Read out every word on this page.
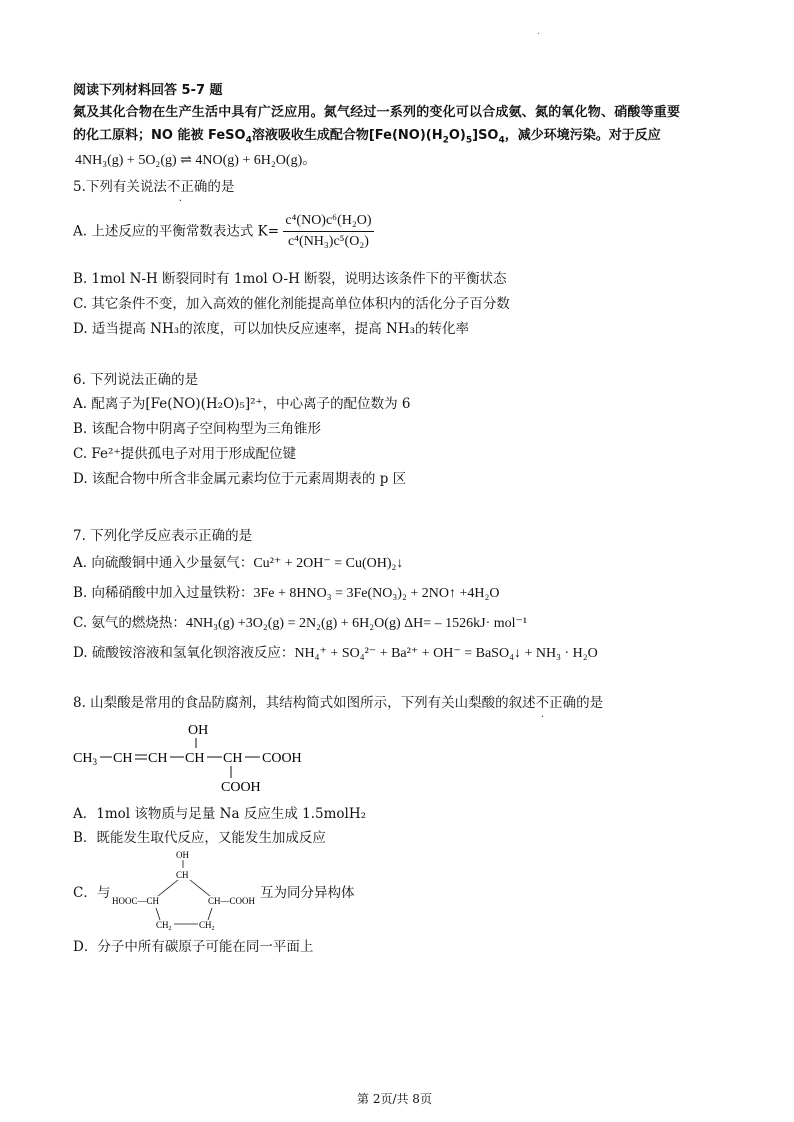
.
阅读下列材料回答 5-7 题
氮及其化合物在生产生活中具有广泛应用。氮气经过一系列的变化可以合成氨、氮的氧化物、硝酸等重要
的化工原料；NO 能被 FeSO$_4$溶液吸收生成配合物$[Fe(NO)(H_2O)_5]SO_4$，减少环境污染。对于反应
4NH₃(g) + 5O₂(g) ⇌ 4NO(g) + 6H₂O(g)。
5.下列有关说法不正确的是
A. 上述反应的平衡常数表达式 $K= \frac{\text{c⁴(NO)c⁶(H₂O)}}{\text{c⁴(NH₃)c⁵(O₂)}}$
B. 1mol N-H 断裂同时有 1mol O-H 断裂，说明达该条件下的平衡状态
C. 其它条件不变，加入高效的催化剂能提高单位体积内的活化分子百分数
D. 适当提高 NH₃的浓度，可以加快反应速率，提高 NH₃的转化率
6. 下列说法正确的是
A. 配离子为[Fe(NO)(H₂O)₅]²⁺，中心离子的配位数为 6
B. 该配合物中阴离子空间构型为三角锥形
C. Fe²⁺提供孤电子对用于形成配位键
D. 该配合物中所含非金属元素均位于元素周期表的 p 区
7. 下列化学反应表示正确的是
A. 向硫酸铜中通入少量氨气：Cu²⁺ + 2OH⁻ = Cu(OH)₂↓
B. 向稀硝酸中加入过量铁粉：3Fe + 8HNO₃ = 3Fe(NO₃)₂ + 2NO↑ +4H₂O
C. 氨气的燃烧热：4NH₃(g) +3O₂(g) = 2N₂(g) + 6H₂O(g) ΔH= – 1526kJ· mol⁻¹
D. 硫酸铵溶液和氢氧化钡溶液反应：NH₄⁺ + SO₄²⁻ + Ba²⁺ + OH⁻ = BaSO₄↓ + NH₃ · H₂O
8. 山梨酸是常用的食品防腐剂，其结构简式如图所示，下列有关山梨酸的叙述不正确的是
OH
$CH_3$ CH CH CH CH COOH
COOH
A．1mol 该物质与足量 Na 反应生成 1.5molH₂
B．既能发生取代反应，又能发生加成反应
C．与
OH
CH
HOOC—CH	CH—COOH
$CH_2$	$CH_2$
互为同分异构体
D．分子中所有碳原子可能在同一平面上
第 2页/共 8页
